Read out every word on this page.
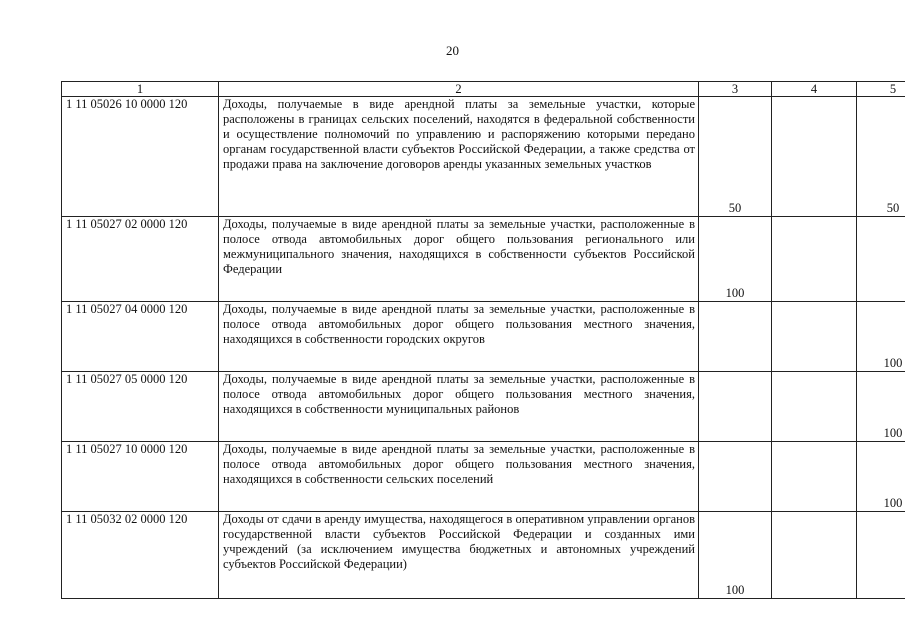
20
1	2	3	4	5
1 11 05026 10 0000 120	Доходы, получаемые в виде арендной платы за земельные участки, которые расположены в границах сельских поселений, находятся в федеральной собственности и осуществление полномочий по управлению и распоряжению которыми передано органам государственной власти субъектов Российской Федерации, а также средства от продажи права на заключение договоров аренды указанных земельных участков	50		50
1 11 05027 02 0000 120	Доходы, получаемые в виде арендной платы за земельные участки, расположенные в полосе отвода автомобильных дорог общего пользования регионального или межмуниципального значения, находящихся в собственности субъектов Российской Федерации	100		
1 11 05027 04 0000 120	Доходы, получаемые в виде арендной платы за земельные участки, расположенные в полосе отвода автомобильных дорог общего пользования местного значения, находящихся в собственности городских округов			100
1 11 05027 05 0000 120	Доходы, получаемые в виде арендной платы за земельные участки, расположенные в полосе отвода автомобильных дорог общего пользования местного значения, находящихся в собственности муниципальных районов			100
1 11 05027 10 0000 120	Доходы, получаемые в виде арендной платы за земельные участки, расположенные в полосе отвода автомобильных дорог общего пользования местного значения, находящихся в собственности сельских поселений			100
1 11 05032 02 0000 120	Доходы от сдачи в аренду имущества, находящегося в оперативном управлении органов государственной власти субъектов Российской Федерации и созданных ими учреждений (за исключением имущества бюджетных и автономных учреждений субъектов Российской Федерации)	100		
